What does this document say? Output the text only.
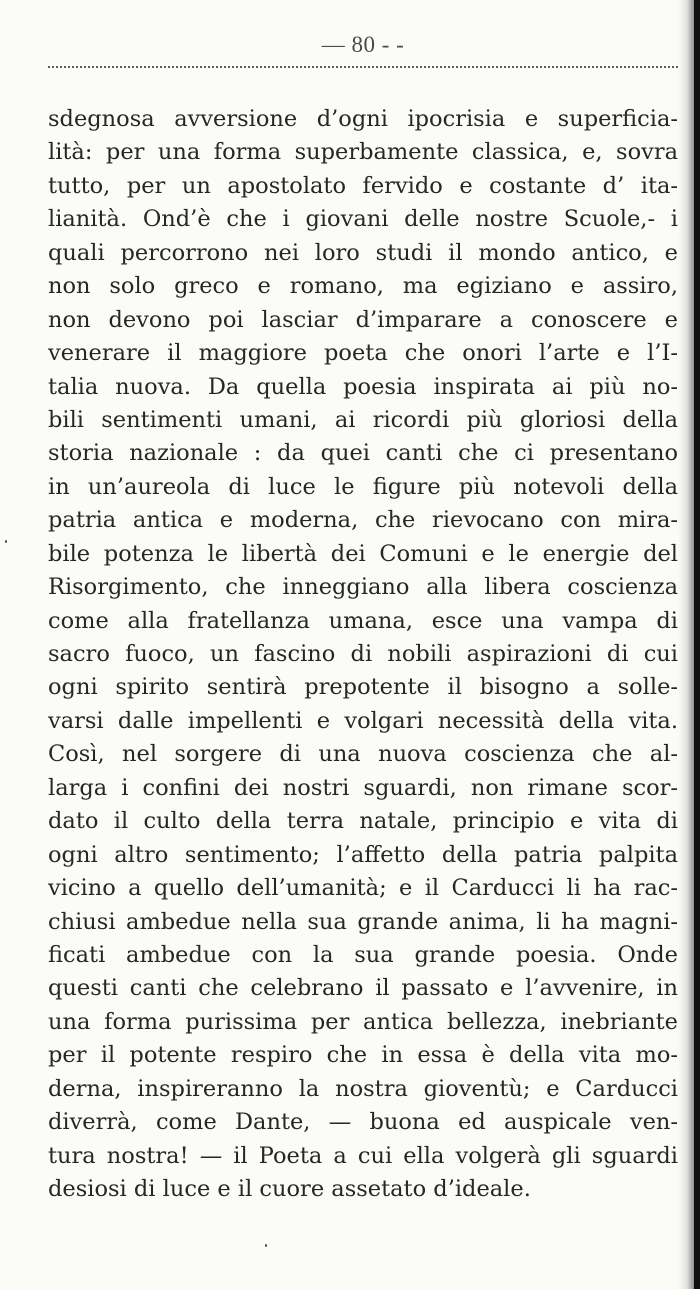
— 80 - -
sdegnosa avversione d’ogni ipocrisia e superficia-
lità: per una forma superbamente classica, e, sovra
tutto, per un apostolato fervido e costante d’ ita-
lianità. Ond’è che i giovani delle nostre Scuole,- i
quali percorrono nei loro studi il mondo antico, e
non solo greco e romano, ma egiziano e assiro,
non devono poi lasciar d’imparare a conoscere e
venerare il maggiore poeta che onori l’arte e l’I-
talia nuova. Da quella poesia inspirata ai più no-
bili sentimenti umani, ai ricordi più gloriosi della
storia nazionale : da quei canti che ci presentano
in un’aureola di luce le figure più notevoli della
patria antica e moderna, che rievocano con mira-
bile potenza le libertà dei Comuni e le energie del
Risorgimento, che inneggiano alla libera coscienza
come alla fratellanza umana, esce una vampa di
sacro fuoco, un fascino di nobili aspirazioni di cui
ogni spirito sentirà prepotente il bisogno a solle-
varsi dalle impellenti e volgari necessità della vita.
Così, nel sorgere di una nuova coscienza che al-
larga i confini dei nostri sguardi, non rimane scor-
dato il culto della terra natale, principio e vita di
ogni altro sentimento; l’affetto della patria palpita
vicino a quello dell’umanità; e il Carducci li ha rac-
chiusi ambedue nella sua grande anima, li ha magni-
ficati ambedue con la sua grande poesia. Onde
questi canti che celebrano il passato e l’avvenire, in
una forma purissima per antica bellezza, inebriante
per il potente respiro che in essa è della vita mo-
derna, inspireranno la nostra gioventù; e Carducci
diverrà, come Dante, — buona ed auspicale ven-
tura nostra! — il Poeta a cui ella volgerà gli sguardi
desiosi di luce e il cuore assetato d’ideale.
